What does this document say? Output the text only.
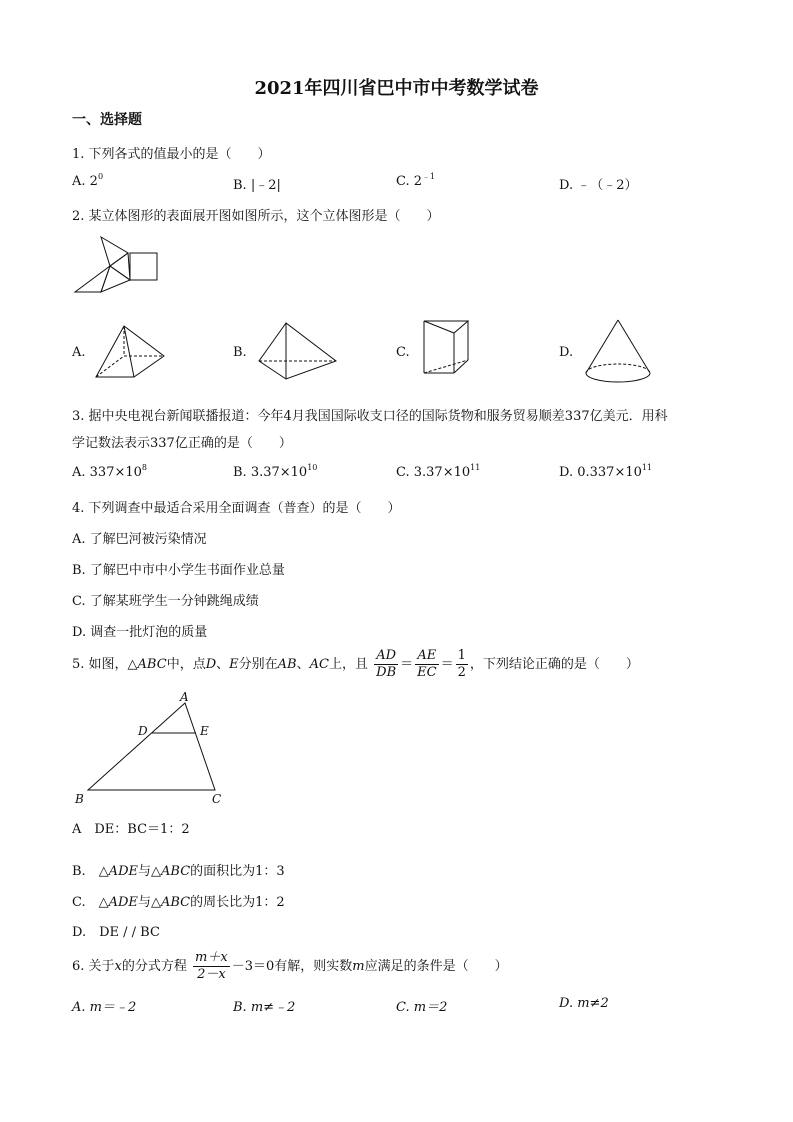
2021年四川省巴中市中考数学试卷
一、选择题
1. 下列各式的值最小的是（　　）
A. $2^0$
B. |﹣2|	C. $2^{﹣1}$
D. ﹣（﹣2）
2. 某立体图形的表面展开图如图所示，这个立体图形是（　　）
A.	B.	C.	D.
3. 据中央电视台新闻联播报道：今年4月我国国际收支口径的国际货物和服务贸易顺差337亿美元．用科
学记数法表示337亿正确的是（　　）
A. $337\times 10^8$	B. $3.37\times 10^{10}$	C. $3.37\times 10^{11}$	D. $0.337\times 10^{11}$
4. 下列调查中最适合采用全面调查（普查）的是（　　）
A. 了解巴河被污染情况
B. 了解巴中市中小学生书面作业总量
C. 了解某班学生一分钟跳绳成绩
D. 调查一批灯泡的质量
5. 如图，△ABC中，点D、E分别在AB、AC上，且 $\frac{AD}{DB} = \frac{AE}{EC} = \frac{1}{2}$ ，下列结论正确的是（　　）
A
D	E
B	C
A　DE：BC＝1：2
B.　△ADE与△ABC的面积比为1：3
C.　△ADE与△ABC的周长比为1：2
D.　DE / / BC
6. 关于x的分式方程 $\frac{m+x}{2-x} -3=0$有解，则实数m应满足的条件是（　　）
A. m＝﹣2	B. m≠﹣2	C. m＝2	D. m≠2
